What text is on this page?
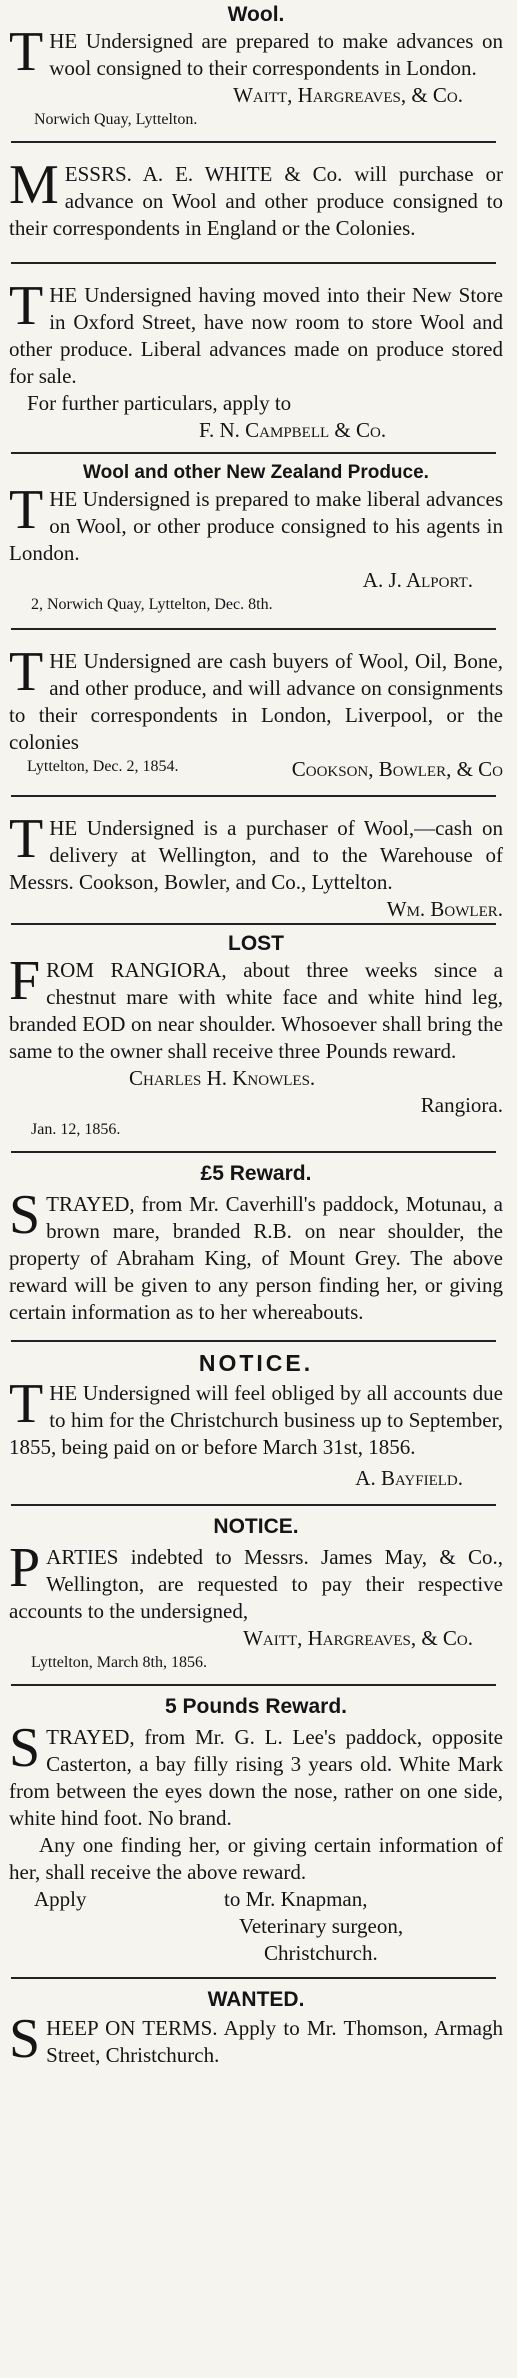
Wool.

THE Undersigned are prepared to make advances on wool consigned to their correspondents in London.

Waitt, Hargreaves, & Co.

Norwich Quay, Lyttelton.

MESSRS. A. E. WHITE & Co. will purchase or advance on Wool and other produce consigned to their correspondents in England or the Colonies.

THE Undersigned having moved into their New Store in Oxford Street, have now room to store Wool and other produce. Liberal advances made on produce stored for sale.

For further particulars, apply to

F. N. Campbell & Co.

Wool and other New Zealand Produce.

THE Undersigned is prepared to make liberal advances on Wool, or other produce consigned to his agents in London.

A. J. Alport.

2, Norwich Quay, Lyttelton, Dec. 8th.

THE Undersigned are cash buyers of Wool, Oil, Bone, and other produce, and will advance on consignments to their correspondents in London, Liverpool, or the colonies

Lyttelton, Dec. 2, 1854.	Cookson, Bowler, & Co

THE Undersigned is a purchaser of Wool,—cash on delivery at Wellington, and to the Warehouse of Messrs. Cookson, Bowler, and Co., Lyttelton.
Wm. Bowler.

LOST

FROM RANGIORA, about three weeks since a chestnut mare with white face and white hind leg, branded EOD on near shoulder. Whosoever shall bring the same to the owner shall receive three Pounds reward.

Charles H. Knowles.

Rangiora.

Jan. 12, 1856.

£5 Reward.

STRAYED, from Mr. Caverhill's paddock, Motunau, a brown mare, branded R.B. on near shoulder, the property of Abraham King, of Mount Grey. The above reward will be given to any person finding her, or giving certain information as to her whereabouts.

NOTICE.

THE Undersigned will feel obliged by all accounts due to him for the Christchurch business up to September, 1855, being paid on or before March 31st, 1856.

A. Bayfield.

NOTICE.

PARTIES indebted to Messrs. James May, & Co., Wellington, are requested to pay their respective accounts to the undersigned,

Waitt, Hargreaves, & Co.

Lyttelton, March 8th, 1856.

5 Pounds Reward.

STRAYED, from Mr. G. L. Lee's paddock, opposite Casterton, a bay filly rising 3 years old. White Mark from between the eyes down the nose, rather on one side, white hind foot. No brand.

Any one finding her, or giving certain information of her, shall receive the above reward.

Apply	to Mr. Knapman,

Veterinary surgeon,

Christchurch.

WANTED.

SHEEP ON TERMS. Apply to Mr. Thomson, Armagh Street, Christchurch.
